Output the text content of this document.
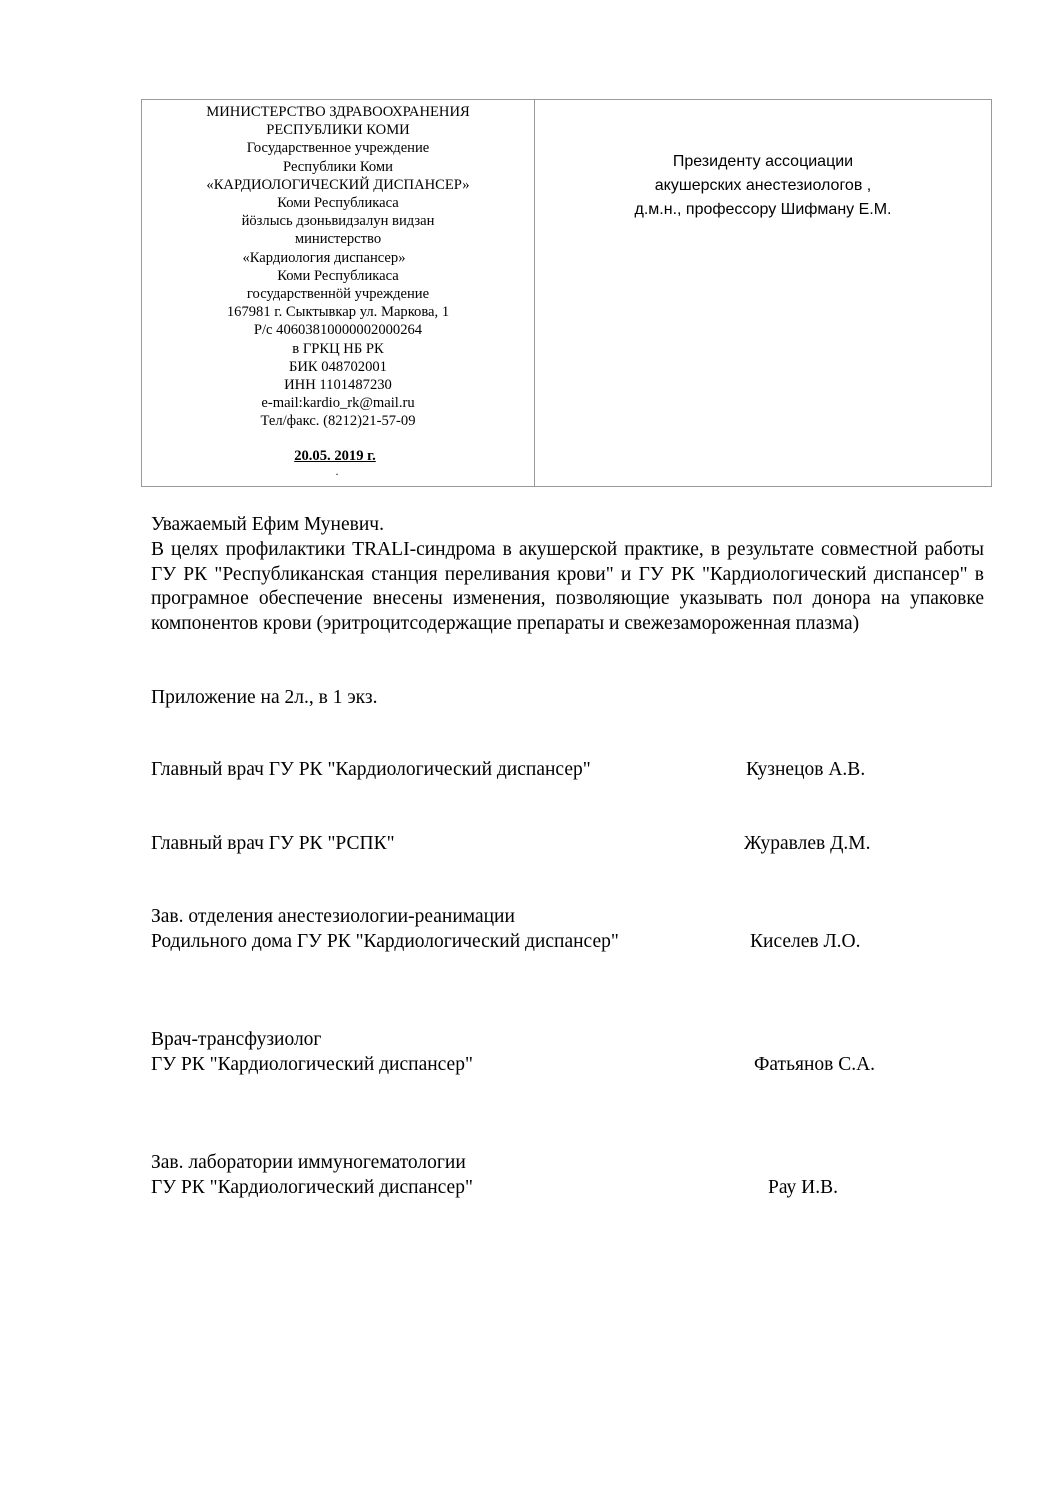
МИНИСТЕРСТВО ЗДРАВООХРАНЕНИЯ
РЕСПУБЛИКИ КОМИ
Государственное учреждение
Республики Коми
«КАРДИОЛОГИЧЕСКИЙ ДИСПАНСЕР»
Коми Республикаса
йöзлысь дзоньвидзалун видзан
министерство
«Кардиология диспансер»
Коми Республикаса
государственнöй учреждение
167981 г. Сыктывкар ул. Маркова, 1
Р/с 40603810000002000264
в ГРКЦ НБ РК
БИК 048702001
ИНН 1101487230
e-mail:kardio_rk@mail.ru
Тел/факс. (8212)21-57-09
20.05. 2019 г.
.
Президенту ассоциации
акушерских анестезиологов ,
д.м.н., профессору Шифману Е.М.
Уважаемый Ефим Муневич.
В целях профилактики TRALI-синдрома в акушерской практике, в результате совместной работы ГУ РК "Республиканская станция переливания крови" и ГУ РК "Кардиологический диспансер" в програмное обеспечение внесены изменения, позволяющие указывать пол донора на упаковке компонентов крови (эритроцитсодержащие препараты и свежезамороженная плазма)
Приложение на 2л., в 1 экз.
Главный врач ГУ РК "Кардиологический диспансер"	Кузнецов А.В.
Главный врач ГУ РК "РСПК"	Журавлев Д.М.
Зав. отделения анестезиологии-реанимации
Родильного дома ГУ РК "Кардиологический диспансер"	Киселев Л.О.
Врач-трансфузиолог
ГУ РК "Кардиологический диспансер"	Фатьянов С.А.
Зав. лаборатории иммуногематологии
ГУ РК "Кардиологический диспансер"	Рау И.В.
